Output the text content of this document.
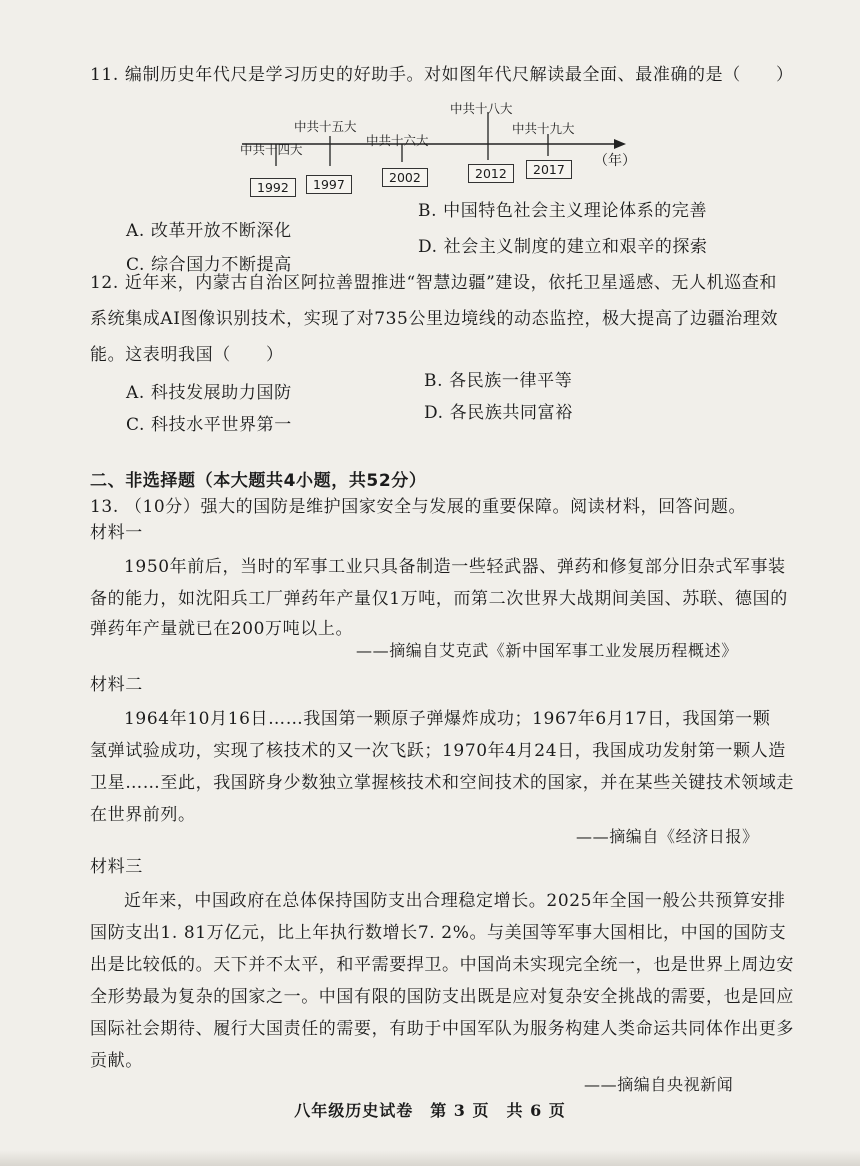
11. 编制历史年代尺是学习历史的好助手。对如图年代尺解读最全面、最准确的是（　　）
中共十四大
中共十五大
中共十六大
中共十八大
中共十九大
1992	1997	2002	2012	2017
（年）
A. 改革开放不断深化
B. 中国特色社会主义理论体系的完善
C. 综合国力不断提高
D. 社会主义制度的建立和艰辛的探索
12. 近年来，内蒙古自治区阿拉善盟推进“智慧边疆”建设，依托卫星遥感、无人机巡查和
系统集成AI图像识别技术，实现了对735公里边境线的动态监控，极大提高了边疆治理效
能。这表明我国（　　）
A. 科技发展助力国防
B. 各民族一律平等
C. 科技水平世界第一
D. 各民族共同富裕
二、非选择题（本大题共4小题，共52分）
13. （10分）强大的国防是维护国家安全与发展的重要保障。阅读材料，回答问题。
材料一
1950年前后，当时的军事工业只具备制造一些轻武器、弹药和修复部分旧杂式军事装
备的能力，如沈阳兵工厂弹药年产量仅1万吨，而第二次世界大战期间美国、苏联、德国的
弹药年产量就已在200万吨以上。
——摘编自艾克武《新中国军事工业发展历程概述》
材料二
1964年10月16日……我国第一颗原子弹爆炸成功；1967年6月17日，我国第一颗
氢弹试验成功，实现了核技术的又一次飞跃；1970年4月24日，我国成功发射第一颗人造
卫星……至此，我国跻身少数独立掌握核技术和空间技术的国家，并在某些关键技术领域走
在世界前列。
——摘编自《经济日报》
材料三
近年来，中国政府在总体保持国防支出合理稳定增长。2025年全国一般公共预算安排
国防支出1. 81万亿元，比上年执行数增长7. 2%。与美国等军事大国相比，中国的国防支
出是比较低的。天下并不太平，和平需要捍卫。中国尚未实现完全统一，也是世界上周边安
全形势最为复杂的国家之一。中国有限的国防支出既是应对复杂安全挑战的需要，也是回应
国际社会期待、履行大国责任的需要，有助于中国军队为服务构建人类命运共同体作出更多
贡献。
——摘编自央视新闻
八年级历史试卷　第 3 页　共 6 页
